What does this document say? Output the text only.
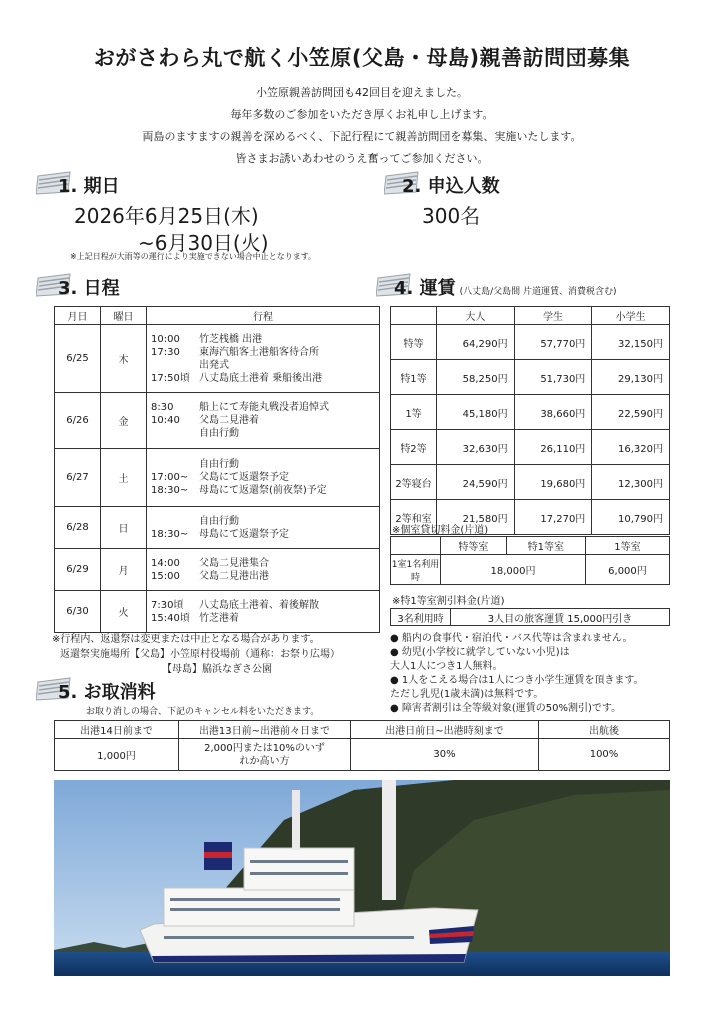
おがさわら丸で航く小笠原(父島・母島)親善訪問団募集
小笠原親善訪問団も42回目を迎えました。
毎年多数のご参加をいただき厚くお礼申し上げます。
両島のますますの親善を深めるべく、下記行程にて親善訪問団を募集、実施いたします。
皆さまお誘いあわせのうえ奮ってご参加ください。
1. 期日
2026年6月25日(木)
~6月30日(火)
※上記日程が大雨等の運行により実施できない場合中止となります。
2. 申込人数
300名
3. 日程
月日	曜日	行程
6/25	木	10:00 竹芝桟橋 出港
17:30 東海汽船客土港船客待合所
出発式
17:50頃 八丈島底土港着 乗船後出港

6/26	金	8:30 船上にて寿能丸戦没者追悼式
10:40 父島二見港着
自由行動

6/27	土	自由行動
17:00~ 父島にて返還祭予定
18:30~ 母島にて返還祭(前夜祭)予定

6/28	日	自由行動
18:30~ 母島にて返還祭予定

6/29	月	14:00 父島二見港集合
15:00 父島二見港出港

6/30	火	7:30頃 八丈島底土港着、着後解散
15:40頃 竹芝港着
4. 運賃 (八丈島/父島間 片道運賃、消費税含む)
	大人	学生	小学生
特等	64,290円	57,770円	32,150円
特1等	58,250円	51,730円	29,130円
1等	45,180円	38,660円	22,590円
特2等	32,630円	26,110円	16,320円
2等寝台	24,590円	19,680円	12,300円
2等和室	21,580円	17,270円	10,790円
※個室貸切料金(片道)
	特等室	特1等室	1等室
1室1名利用時	18,000円		6,000円
※特1等室割引料金(片道)
3名利用時	3人目の旅客運賃 15,000円引き
※行程内、返還祭は変更または中止となる場合があります。
返還祭実施場所【父島】小笠原村役場前（通称：お祭り広場）
【母島】脇浜なぎさ公園
● 船内の食事代・宿泊代・バス代等は含まれません。
● 幼児(小学校に就学していない小児)は
大人1人につき1人無料。
● 1人をこえる場合は1人につき小学生運賃を頂きます。
ただし乳児(1歳未満)は無料です。
● 障害者割引は全等級対象(運賃の50%割引)です。
5. お取消料
お取り消しの場合、下記のキャンセル料をいただきます。
出港14日前まで	出港13日前~出港前々日まで	出港日前日~出港時刻まで	出航後
1,000円	2,000円または10%のいずれか高い方	30%	100%
